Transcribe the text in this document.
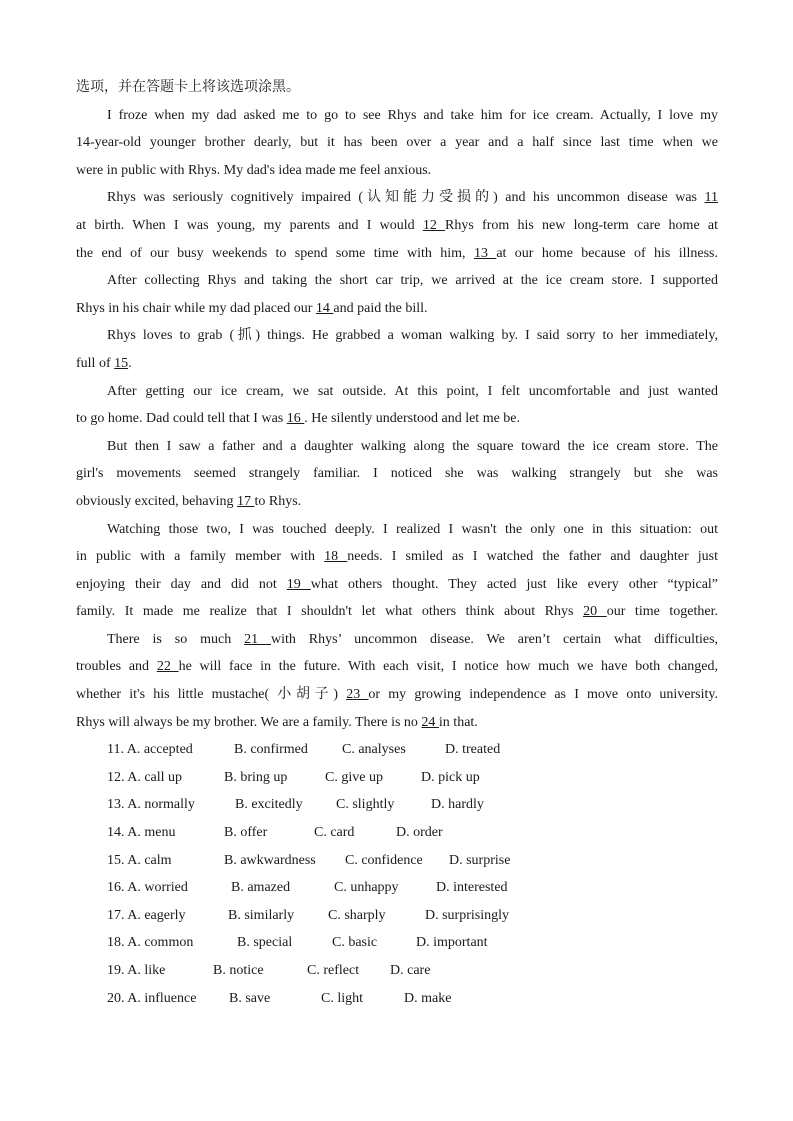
选项，并在答题卡上将该选项涂黑。
I froze when my dad asked me to go to see Rhys and take him for ice cream. Actually, I love my
14-year-old younger brother dearly, but it has been over a year and a half since last time when we
were in public with Rhys. My dad's idea made me feel anxious.
Rhys was seriously cognitively impaired (认知能力受损的) and his uncommon disease was 11
at birth. When I was young, my parents and I would 12 Rhys from his new long-term care home at
the end of our busy weekends to spend some time with him, 13 at our home because of his illness.
After collecting Rhys and taking the short car trip, we arrived at the ice cream store. I supported
Rhys in his chair while my dad placed our 14 and paid the bill.
Rhys loves to grab (抓) things. He grabbed a woman walking by. I said sorry to her immediately,
full of 15.
After getting our ice cream, we sat outside. At this point, I felt uncomfortable and just wanted
to go home. Dad could tell that I was 16 . He silently understood and let me be.
But then I saw a father and a daughter walking along the square toward the ice cream store. The
girl's movements seemed strangely familiar. I noticed she was walking strangely but she was
obviously excited, behaving 17 to Rhys.
Watching those two, I was touched deeply. I realized I wasn't the only one in this situation: out
in public with a family member with 18 needs. I smiled as I watched the father and daughter just
enjoying their day and did not 19 what others thought. They acted just like every other “typical”
family. It made me realize that I shouldn't let what others think about Rhys 20 our time together.
There is so much 21 with Rhys’ uncommon disease. We aren’t certain what difficulties,
troubles and 22 he will face in the future. With each visit, I notice how much we have both changed,
whether it's his little mustache( 小胡子) 23 or my growing independence as I move onto university.
Rhys will always be my brother. We are a family. There is no 24 in that.
11. A. accepted	B. confirmed C. analyses	D. treated
12. A. call up	B. bring up	C. give up	D. pick up
13. A. normally	B. excitedly C. slightly	D. hardly
14. A. menu	B. offer	C. card	D. order
15. A. calm	B. awkwardness C. confidence D. surprise
16. A. worried	B. amazed	C. unhappy	D. interested
17. A. eagerly	B. similarly C. sharply	D. surprisingly
18. A. common	B. special	C. basic	D. important
19. A. like	B. notice	C. reflect D. care
20. A. influence B. save	C. light	D. make
